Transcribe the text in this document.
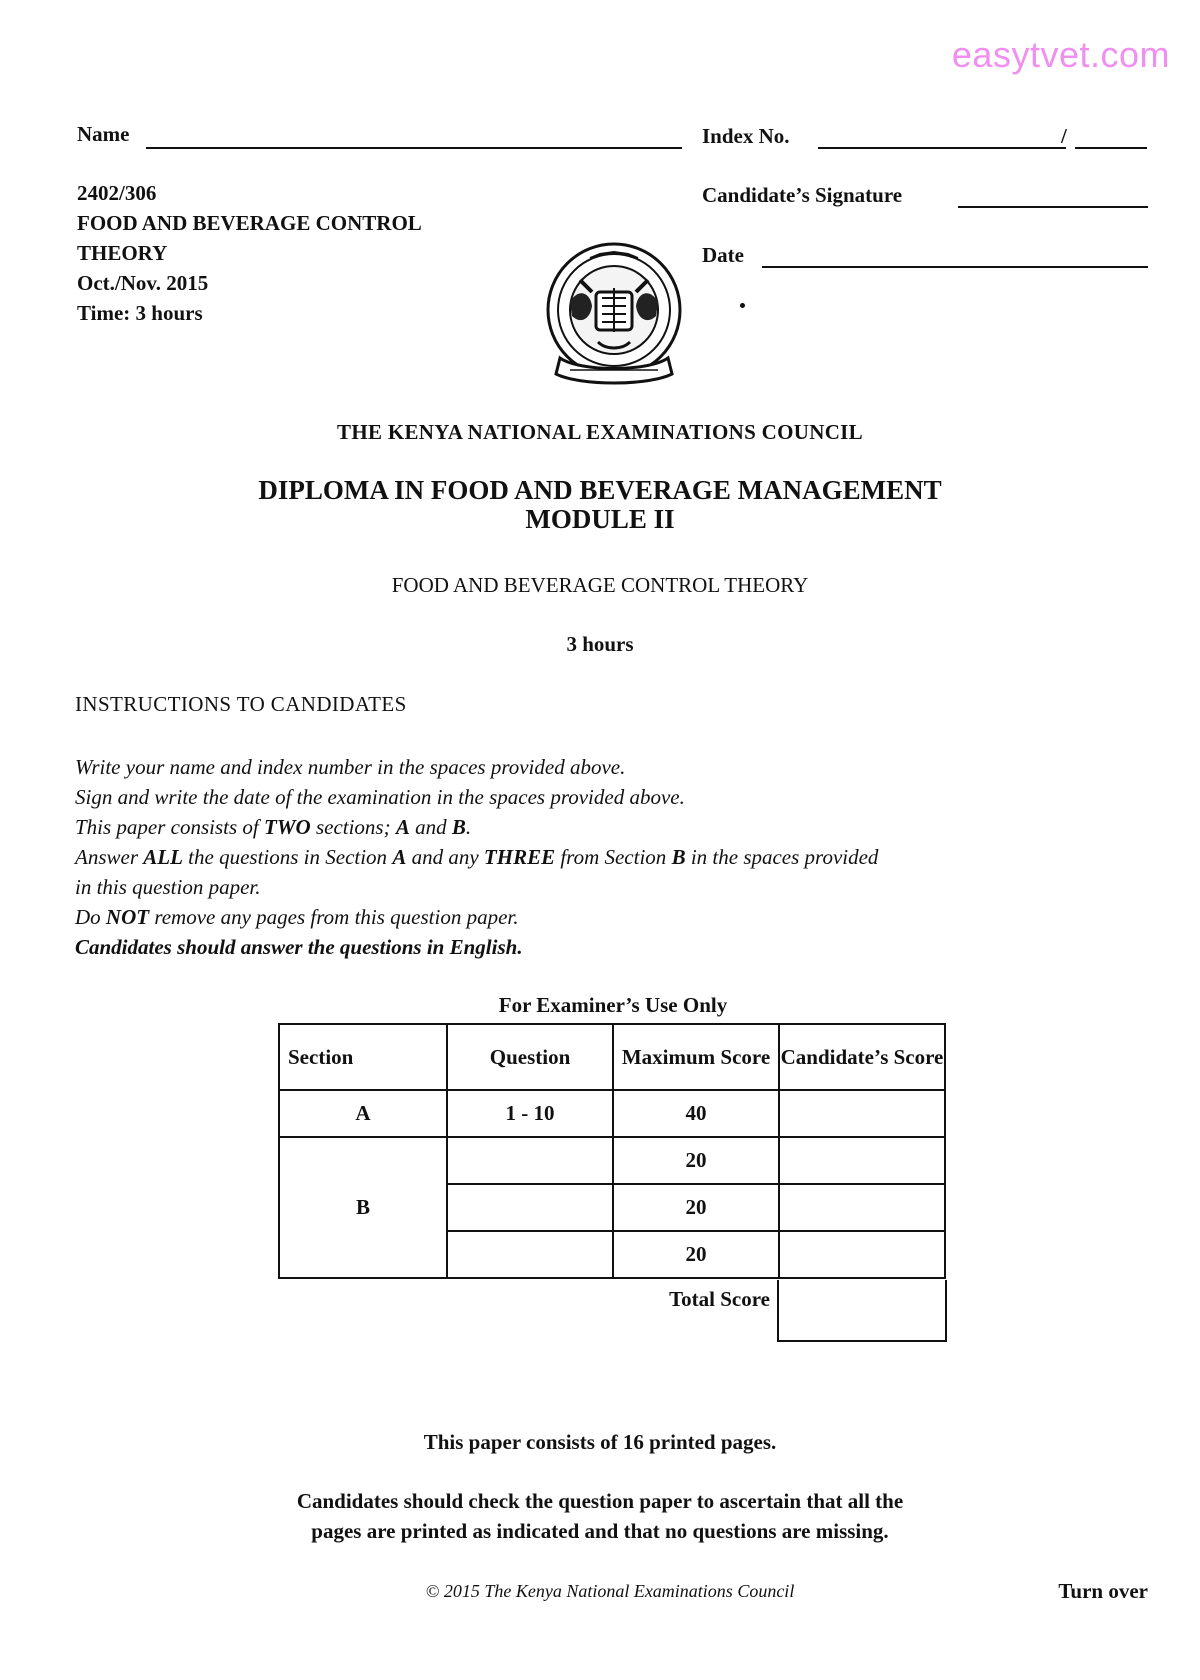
easytvet.com
Name	Index No.	/
Candidate’s Signature
Date
2402/306
FOOD AND BEVERAGE CONTROL
THEORY
Oct./Nov. 2015
Time: 3 hours
THE KENYA NATIONAL EXAMINATIONS COUNCIL
DIPLOMA IN FOOD AND BEVERAGE MANAGEMENT
MODULE II
FOOD AND BEVERAGE CONTROL THEORY
3 hours
INSTRUCTIONS TO CANDIDATES
Write your name and index number in the spaces provided above.
Sign and write the date of the examination in the spaces provided above.
This paper consists of TWO sections; A and B.
Answer ALL the questions in Section A and any THREE from Section B in the spaces provided
in this question paper.
Do NOT remove any pages from this question paper.
Candidates should answer the questions in English.
For Examiner’s Use Only
Section	Question	Maximum Score	Candidate’s Score
A	1 - 10	40	
B		20	
		20	
		20	
Total Score
This paper consists of 16 printed pages.
Candidates should check the question paper to ascertain that all the
pages are printed as indicated and that no questions are missing.
© 2015 The Kenya National Examinations Council	Turn over
